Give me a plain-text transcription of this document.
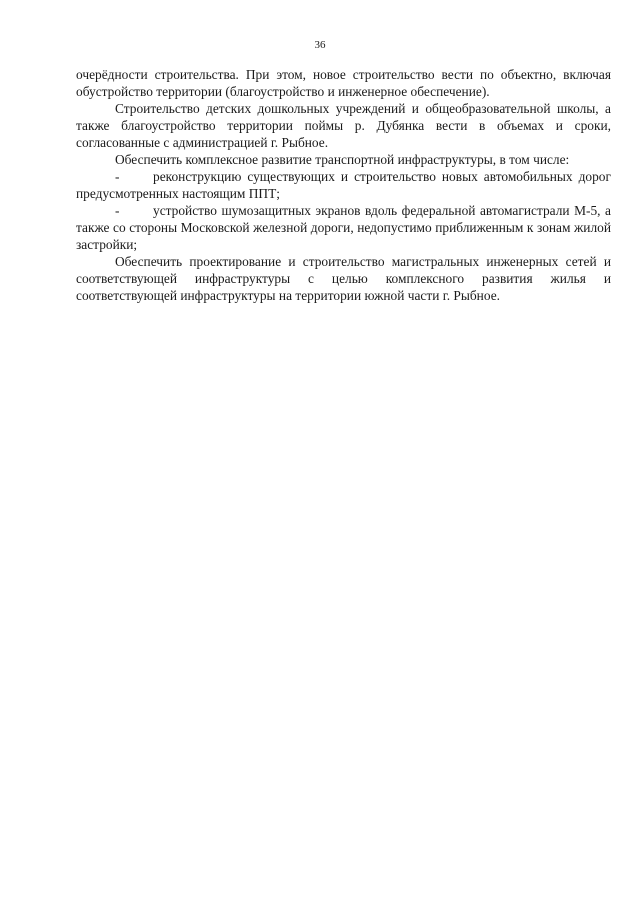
36

очерёдности строительства. При этом, новое строительство вести по объектно, включая обустройство территории (благоустройство и инженерное обеспечение).

Строительство детских дошкольных учреждений и общеобразовательной школы, а также благоустройство территории поймы р. Дубянка вести в объемах и сроки, согласованные с администрацией г. Рыбное.

Обеспечить комплексное развитие транспортной инфраструктуры, в том числе:

-	реконструкцию существующих и строительство новых автомобильных дорог предусмотренных настоящим ППТ;

-	устройство шумозащитных экранов вдоль федеральной автомагистрали М-5, а также со стороны Московской железной дороги, недопустимо приближенным к зонам жилой застройки;

Обеспечить проектирование и строительство магистральных инженерных сетей и соответствующей инфраструктуры с целью комплексного развития жилья и соответствующей инфраструктуры на территории южной части г. Рыбное.
